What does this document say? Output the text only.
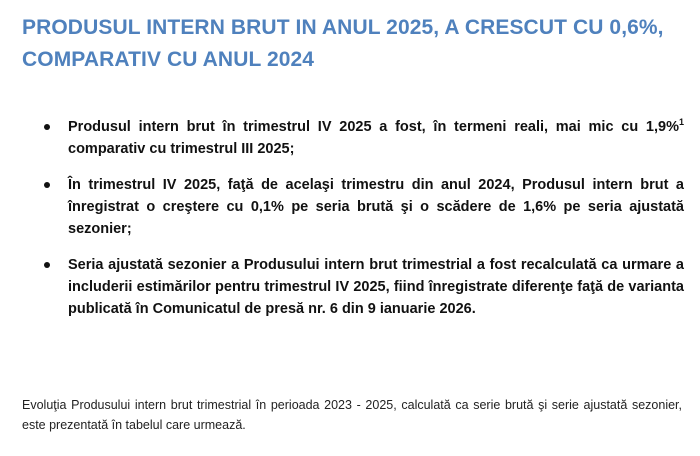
PRODUSUL INTERN BRUT IN ANUL 2025, A CRESCUT CU 0,6%, COMPARATIV CU ANUL 2024
Produsul intern brut în trimestrul IV 2025 a fost, în termeni reali, mai mic cu 1,9%$^1$ comparativ cu trimestrul III 2025;
În trimestrul IV 2025, faţă de acelaşi trimestru din anul 2024, Produsul intern brut a înregistrat o creştere cu 0,1% pe seria brută şi o scădere de 1,6% pe seria ajustată sezonier;
Seria ajustată sezonier a Produsului intern brut trimestrial a fost recalculată ca urmare a includerii estimărilor pentru trimestrul IV 2025, fiind înregistrate diferenţe faţă de varianta publicată în Comunicatul de presă nr. 6 din 9 ianuarie 2026.

Evoluţia Produsului intern brut trimestrial în perioada 2023 - 2025, calculată ca serie brută şi serie ajustată sezonier, este prezentată în tabelul care urmează.
